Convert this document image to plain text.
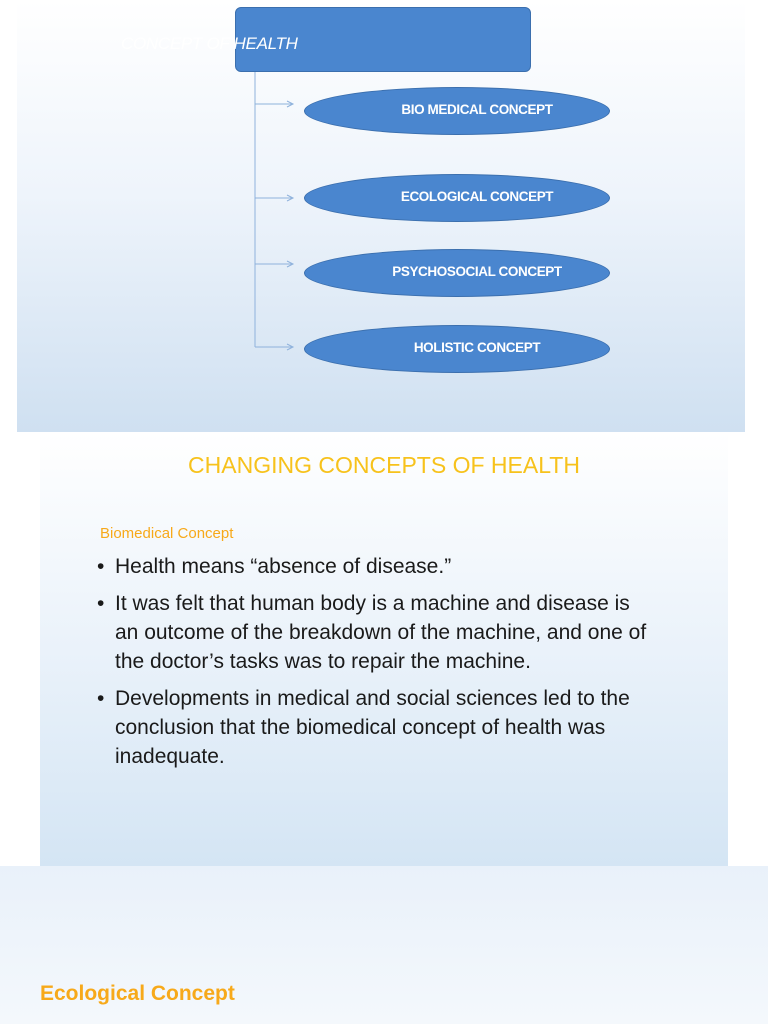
CONCEPT OF HEALTH
BIO MEDICAL CONCEPT
ECOLOGICAL CONCEPT
PSYCHOSOCIAL CONCEPT
HOLISTIC CONCEPT
CHANGING CONCEPTS OF HEALTH
Biomedical Concept
• Health means “absence of disease.”
• It was felt that human body is a machine and disease is an outcome of the breakdown of the machine, and one of the doctor’s tasks was to repair the machine.
• Developments in medical and social sciences led to the conclusion that the biomedical concept of health was inadequate.
Ecological Concept
